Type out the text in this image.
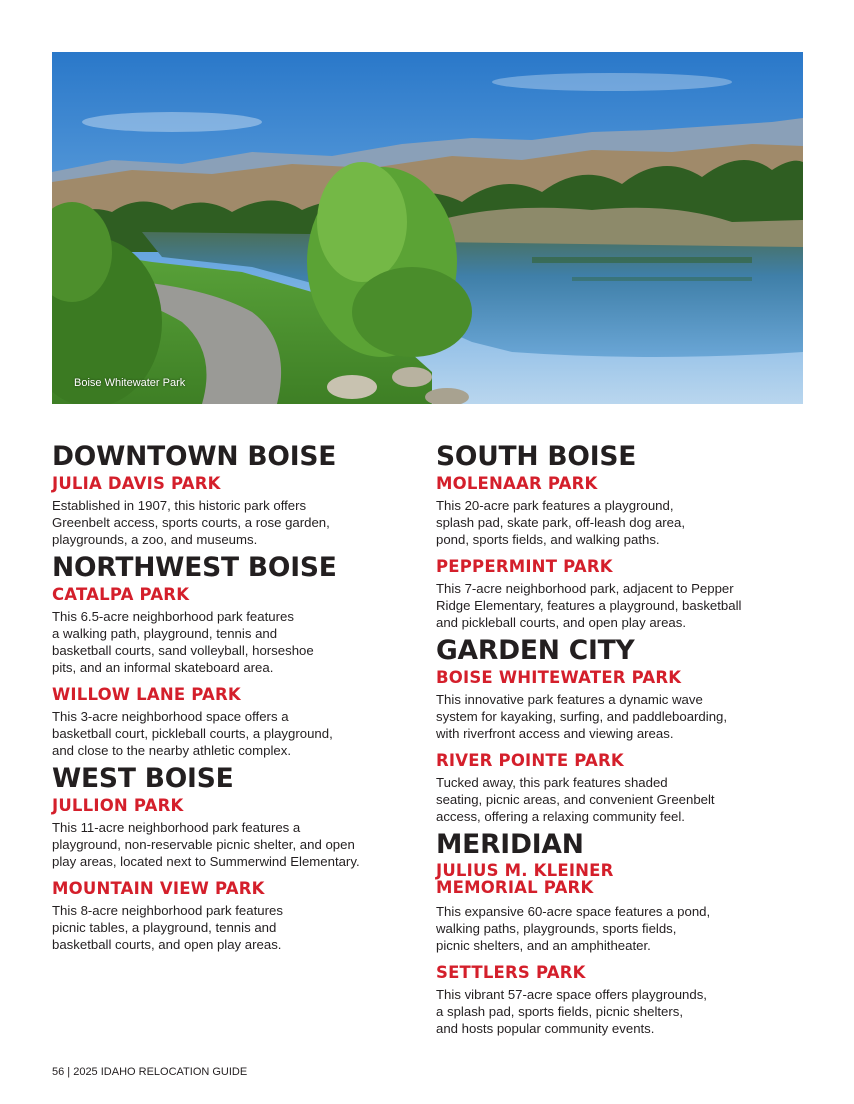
Boise Whitewater Park
DOWNTOWN BOISE
JULIA DAVIS PARK

Established in 1907, this historic park offers
Greenbelt access, sports courts, a rose garden,
playgrounds, a zoo, and museums.

NORTHWEST BOISE
CATALPA PARK

This 6.5-acre neighborhood park features
a walking path, playground, tennis and
basketball courts, sand volleyball, horseshoe
pits, and an informal skateboard area.

WILLOW LANE PARK

This 3-acre neighborhood space offers a
basketball court, pickleball courts, a playground,
and close to the nearby athletic complex.

WEST BOISE
JULLION PARK

This 11-acre neighborhood park features a
playground, non-reservable picnic shelter, and open
play areas, located next to Summerwind Elementary.

MOUNTAIN VIEW PARK

This 8-acre neighborhood park features
picnic tables, a playground, tennis and
basketball courts, and open play areas.

SOUTH BOISE
MOLENAAR PARK

This 20-acre park features a playground,
splash pad, skate park, off-leash dog area,
pond, sports fields, and walking paths.

PEPPERMINT PARK

This 7-acre neighborhood park, adjacent to Pepper
Ridge Elementary, features a playground, basketball
and pickleball courts, and open play areas.

GARDEN CITY
BOISE WHITEWATER PARK

This innovative park features a dynamic wave
system for kayaking, surfing, and paddleboarding,
with riverfront access and viewing areas.

RIVER POINTE PARK

Tucked away, this park features shaded
seating, picnic areas, and convenient Greenbelt
access, offering a relaxing community feel.

MERIDIAN
JULIUS M. KLEINER
MEMORIAL PARK

This expansive 60-acre space features a pond,
walking paths, playgrounds, sports fields,
picnic shelters, and an amphitheater.

SETTLERS PARK

This vibrant 57-acre space offers playgrounds,
a splash pad, sports fields, picnic shelters,
and hosts popular community events.

56 | 2025 IDAHO RELOCATION GUIDE
